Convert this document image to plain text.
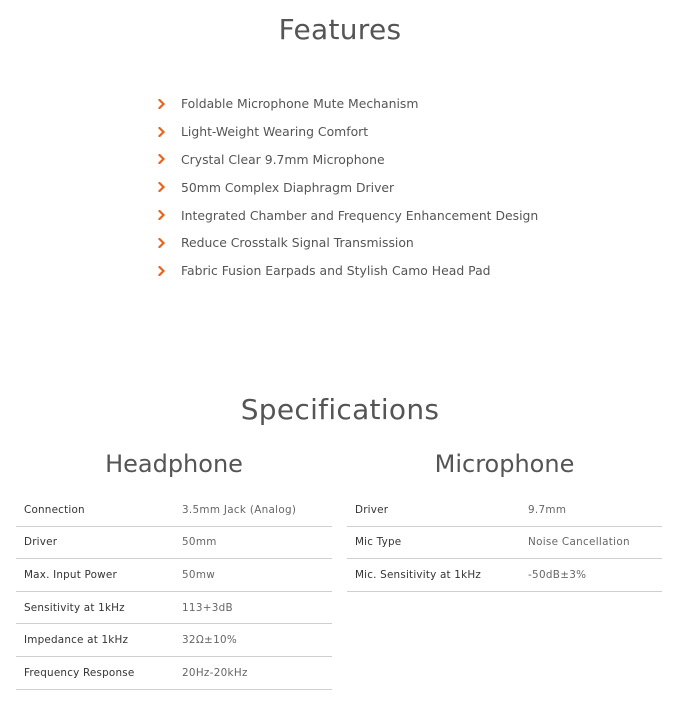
Features
Foldable Microphone Mute Mechanism
Light-Weight Wearing Comfort
Crystal Clear 9.7mm Microphone
50mm Complex Diaphragm Driver
Integrated Chamber and Frequency Enhancement Design
Reduce Crosstalk Signal Transmission
Fabric Fusion Earpads and Stylish Camo Head Pad
Specifications
Headphone	Microphone
Connection	3.5mm Jack (Analog)
Driver	50mm
Max. Input Power	50mw
Sensitivity at 1kHz	113+3dB
Impedance at 1kHz	32Ω±10%
Frequency Response	20Hz-20kHz
Driver	9.7mm
Mic Type	Noise Cancellation
Mic. Sensitivity at 1kHz	-50dB±3%
